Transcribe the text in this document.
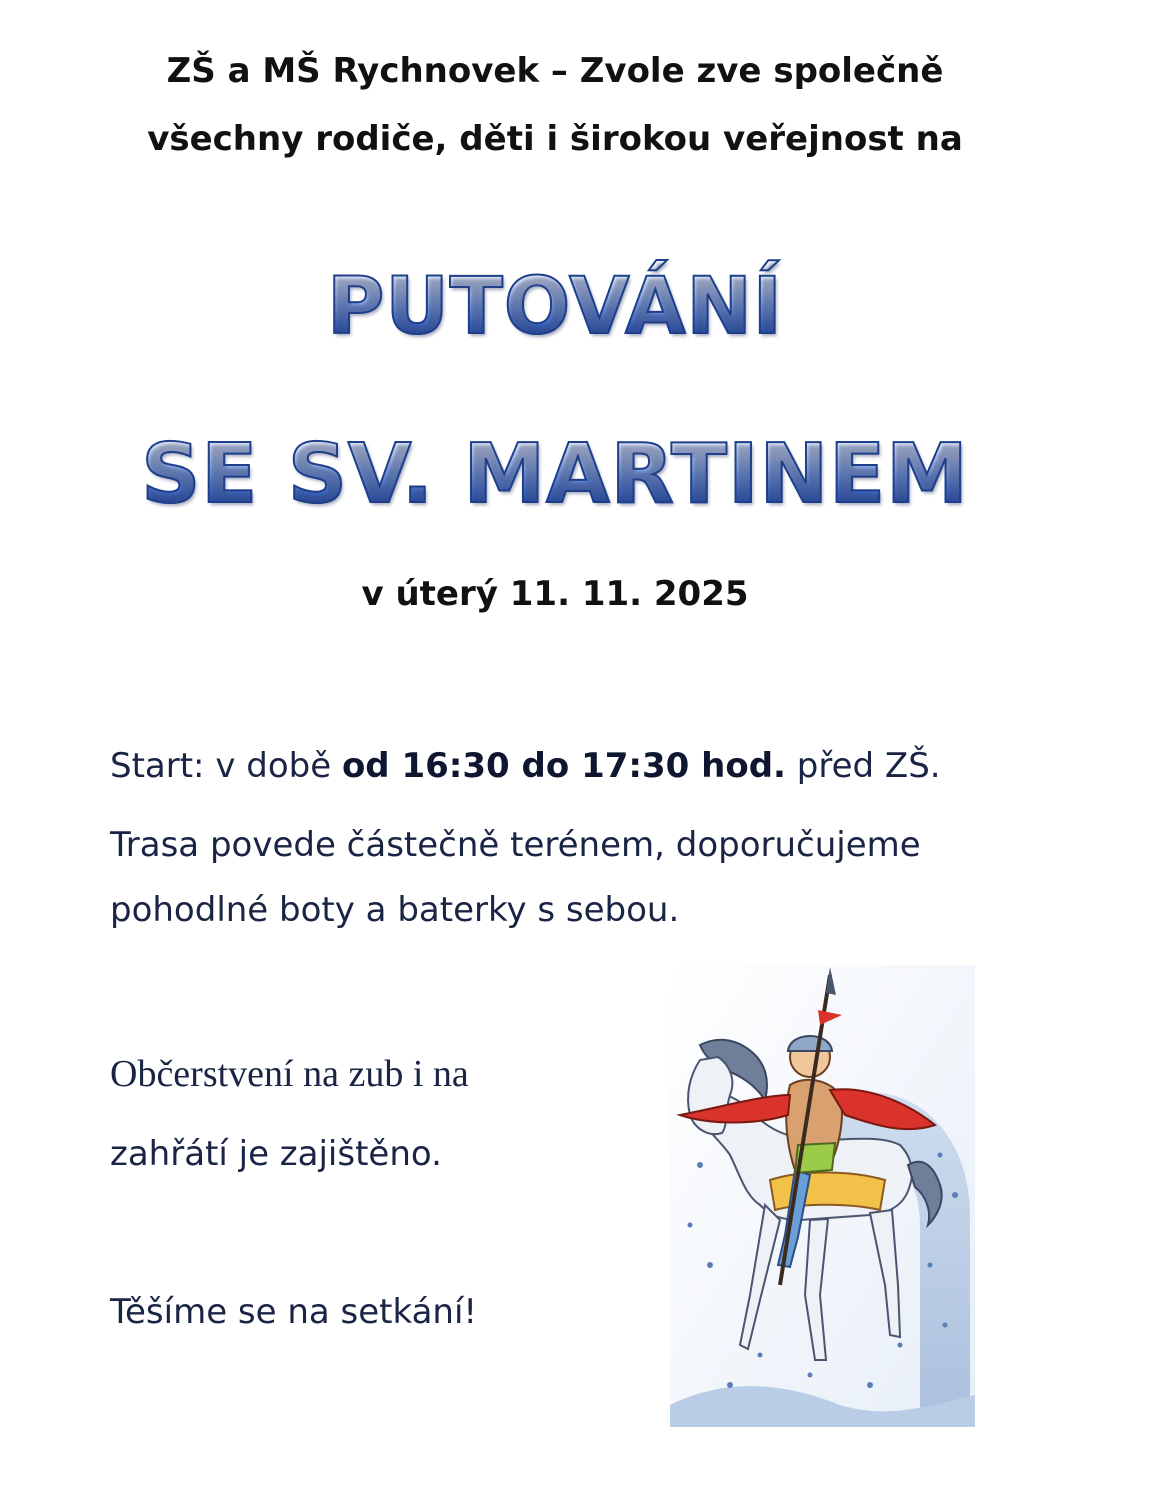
ZŠ a MŠ Rychnovek – Zvole zve společně
všechny rodiče, děti i širokou veřejnost na
PUTOVÁNÍ
SE SV. MARTINEM
v úterý 11. 11. 2025
Start: v době od 16:30 do 17:30 hod. před ZŠ.
Trasa povede částečně terénem, doporučujeme
pohodlné boty a baterky s sebou.
Občerstvení na zub i na
zahřátí je zajištěno.
Těšíme se na setkání!
